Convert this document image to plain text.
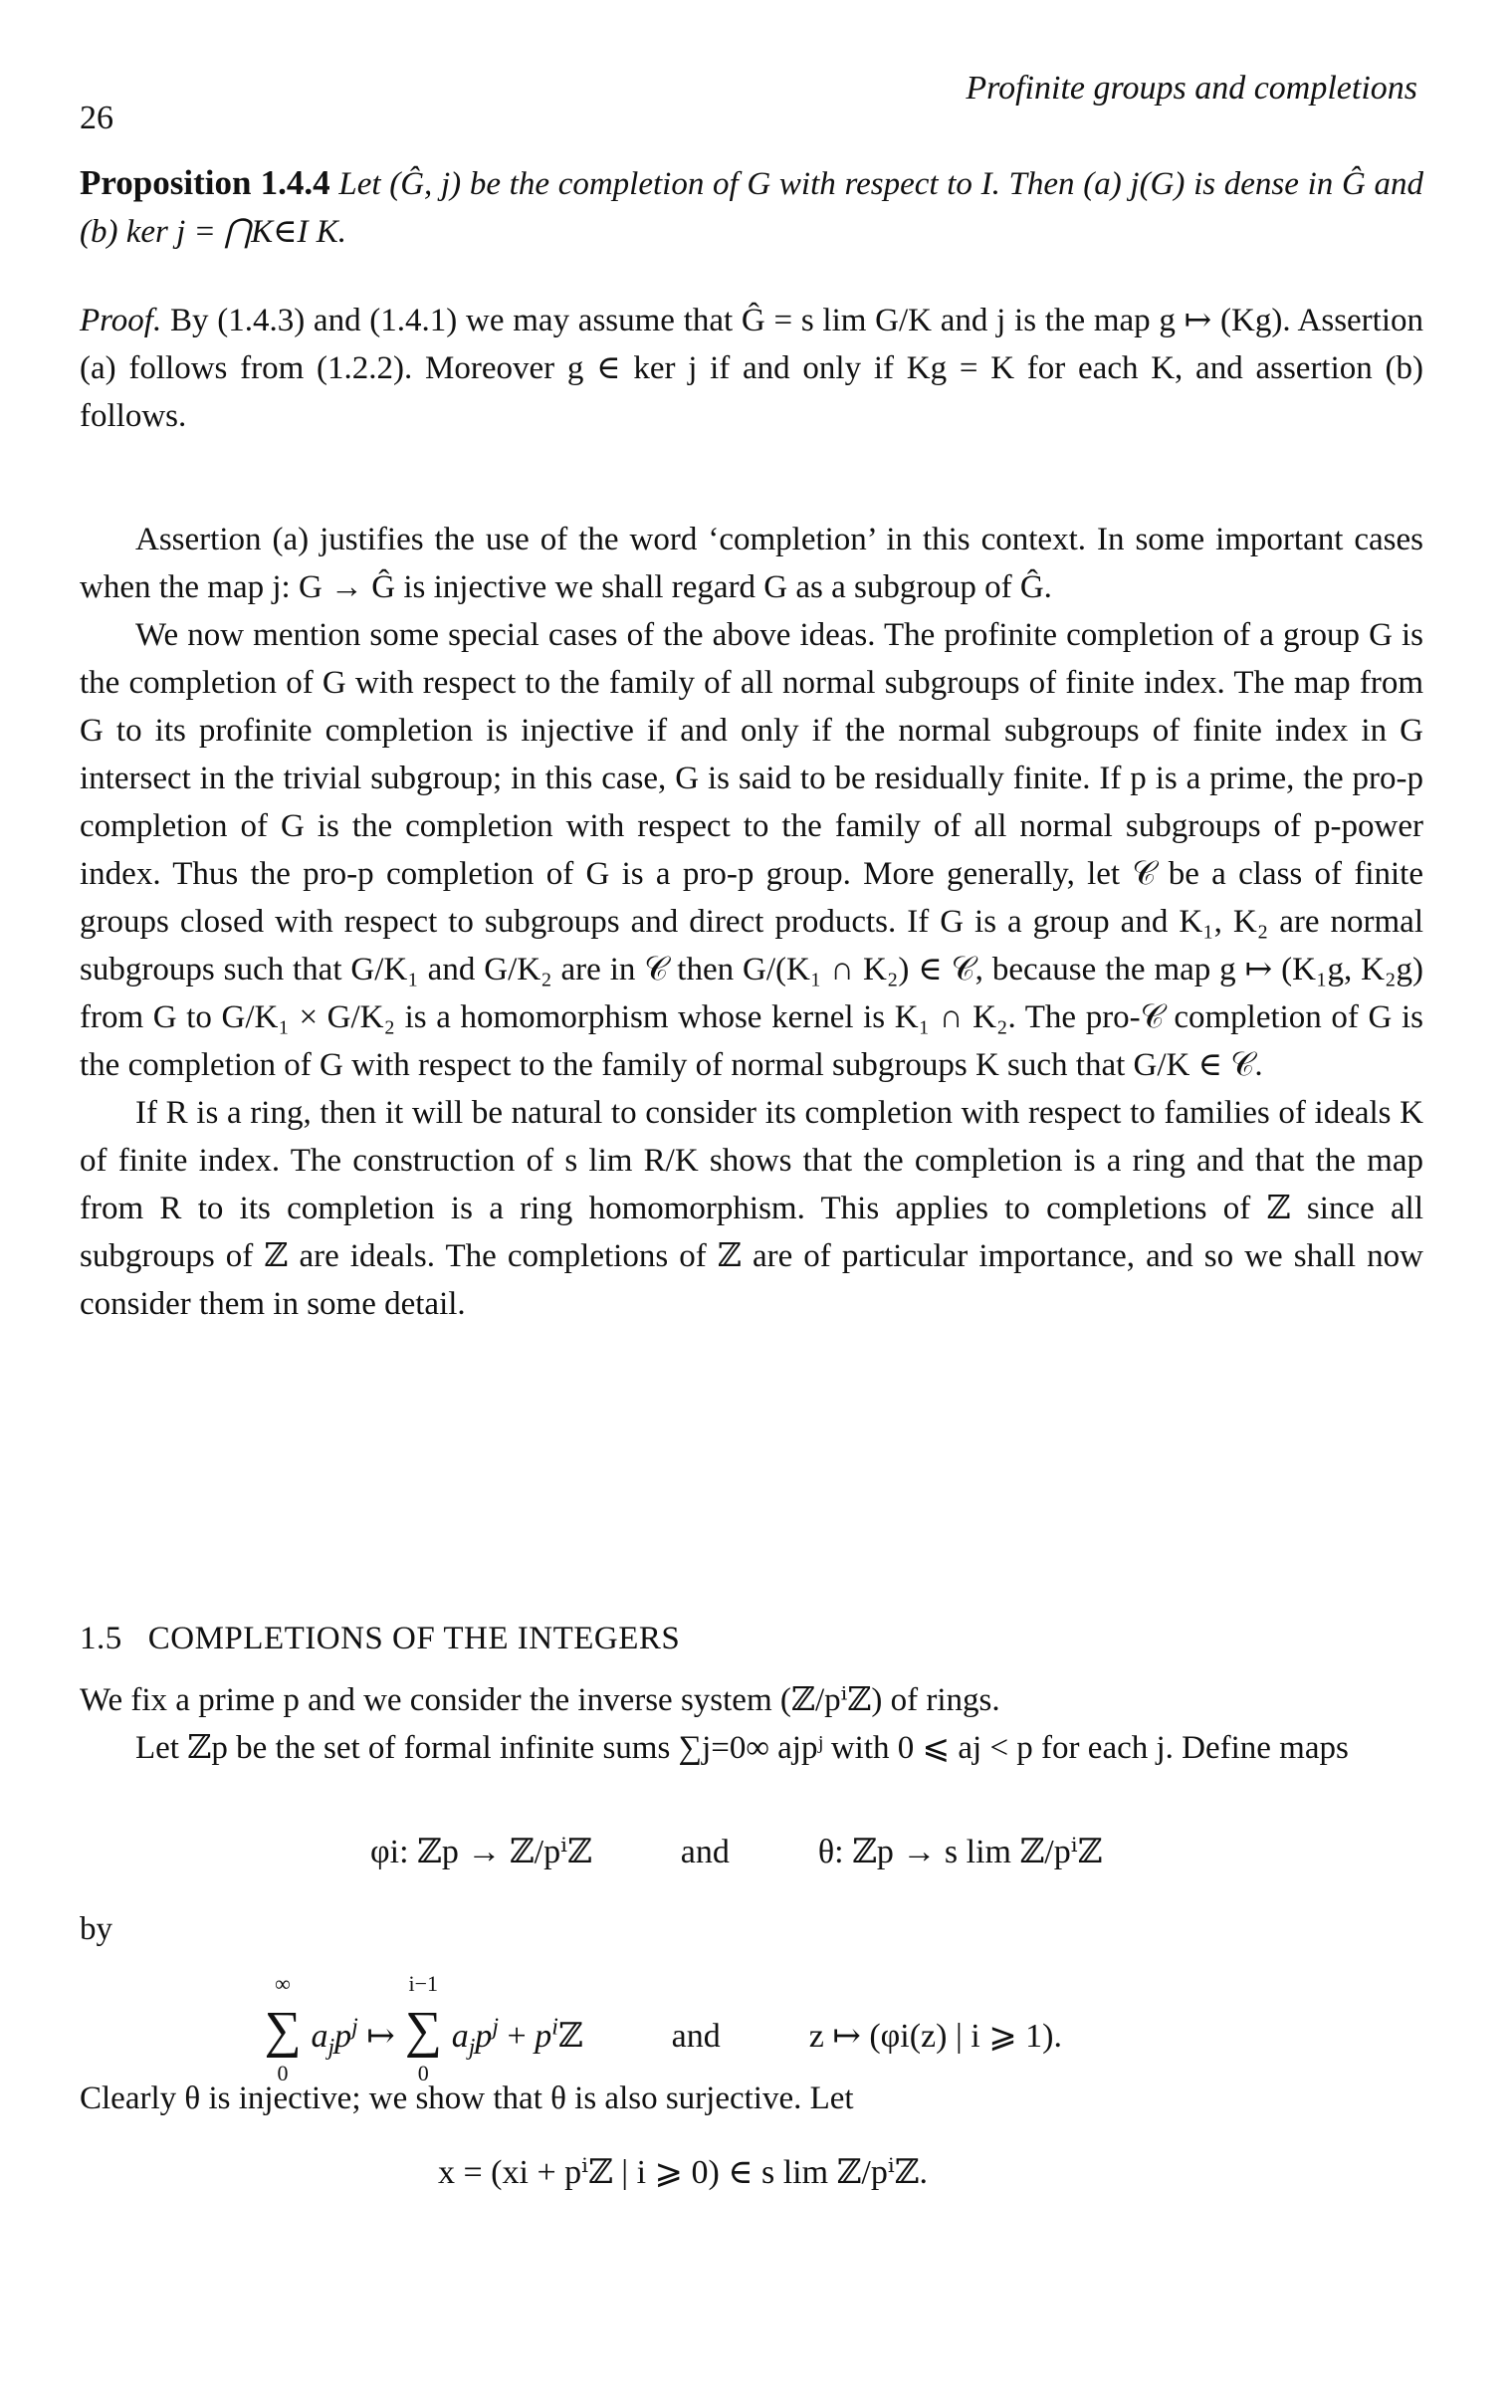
26
Profinite groups and completions

Proposition 1.4.4 Let (Ĝ, j) be the completion of G with respect to I. Then (a) j(G) is dense in Ĝ and (b) ker j = ⋂K∈I K.

Proof. By (1.4.3) and (1.4.1) we may assume that Ĝ = s lim G/K and j is the map g ↦ (Kg). Assertion (a) follows from (1.2.2). Moreover g ∈ ker j if and only if Kg = K for each K, and assertion (b) follows.

Assertion (a) justifies the use of the word ‘completion’ in this context. In some important cases when the map j: G → Ĝ is injective we shall regard G as a subgroup of Ĝ.

We now mention some special cases of the above ideas. The profinite completion of a group G is the completion of G with respect to the family of all normal subgroups of finite index. The map from G to its profinite completion is injective if and only if the normal subgroups of finite index in G intersect in the trivial subgroup; in this case, G is said to be residually finite. If p is a prime, the pro-p completion of G is the completion with respect to the family of all normal subgroups of p-power index. Thus the pro-p completion of G is a pro-p group. More generally, let 𝒞 be a class of finite groups closed with respect to subgroups and direct products. If G is a group and K₁, K₂ are normal subgroups such that G/K₁ and G/K₂ are in 𝒞 then G/(K₁ ∩ K₂) ∈ 𝒞, because the map g ↦ (K₁g, K₂g) from G to G/K₁ × G/K₂ is a homomorphism whose kernel is K₁ ∩ K₂. The pro-𝒞 completion of G is the completion of G with respect to the family of normal subgroups K such that G/K ∈ 𝒞.

If R is a ring, then it will be natural to consider its completion with respect to families of ideals K of finite index. The construction of s lim R/K shows that the completion is a ring and that the map from R to its completion is a ring homomorphism. This applies to completions of ℤ since all subgroups of ℤ are ideals. The completions of ℤ are of particular importance, and so we shall now consider them in some detail.

1.5 COMPLETIONS OF THE INTEGERS

We fix a prime p and we consider the inverse system (ℤ/pⁱℤ) of rings.

Let ℤp be the set of formal infinite sums ∑j=0∞ ajpʲ with 0 ⩽ aj < p for each j. Define maps

φi: ℤp → ℤ/pⁱℤ	and	θ: ℤp → s lim ℤ/pⁱℤ
by
∞
∑
0
$a_jp^j$ ↦
i−1
∑
0
$a_jp^j$ + $p^iℤ$  and	z ↦ (φi(z) | i ⩾ 1).
Clearly θ is injective; we show that θ is also surjective. Let
x = (xi + pⁱℤ | i ⩾ 0) ∈ s lim ℤ/pⁱℤ.
